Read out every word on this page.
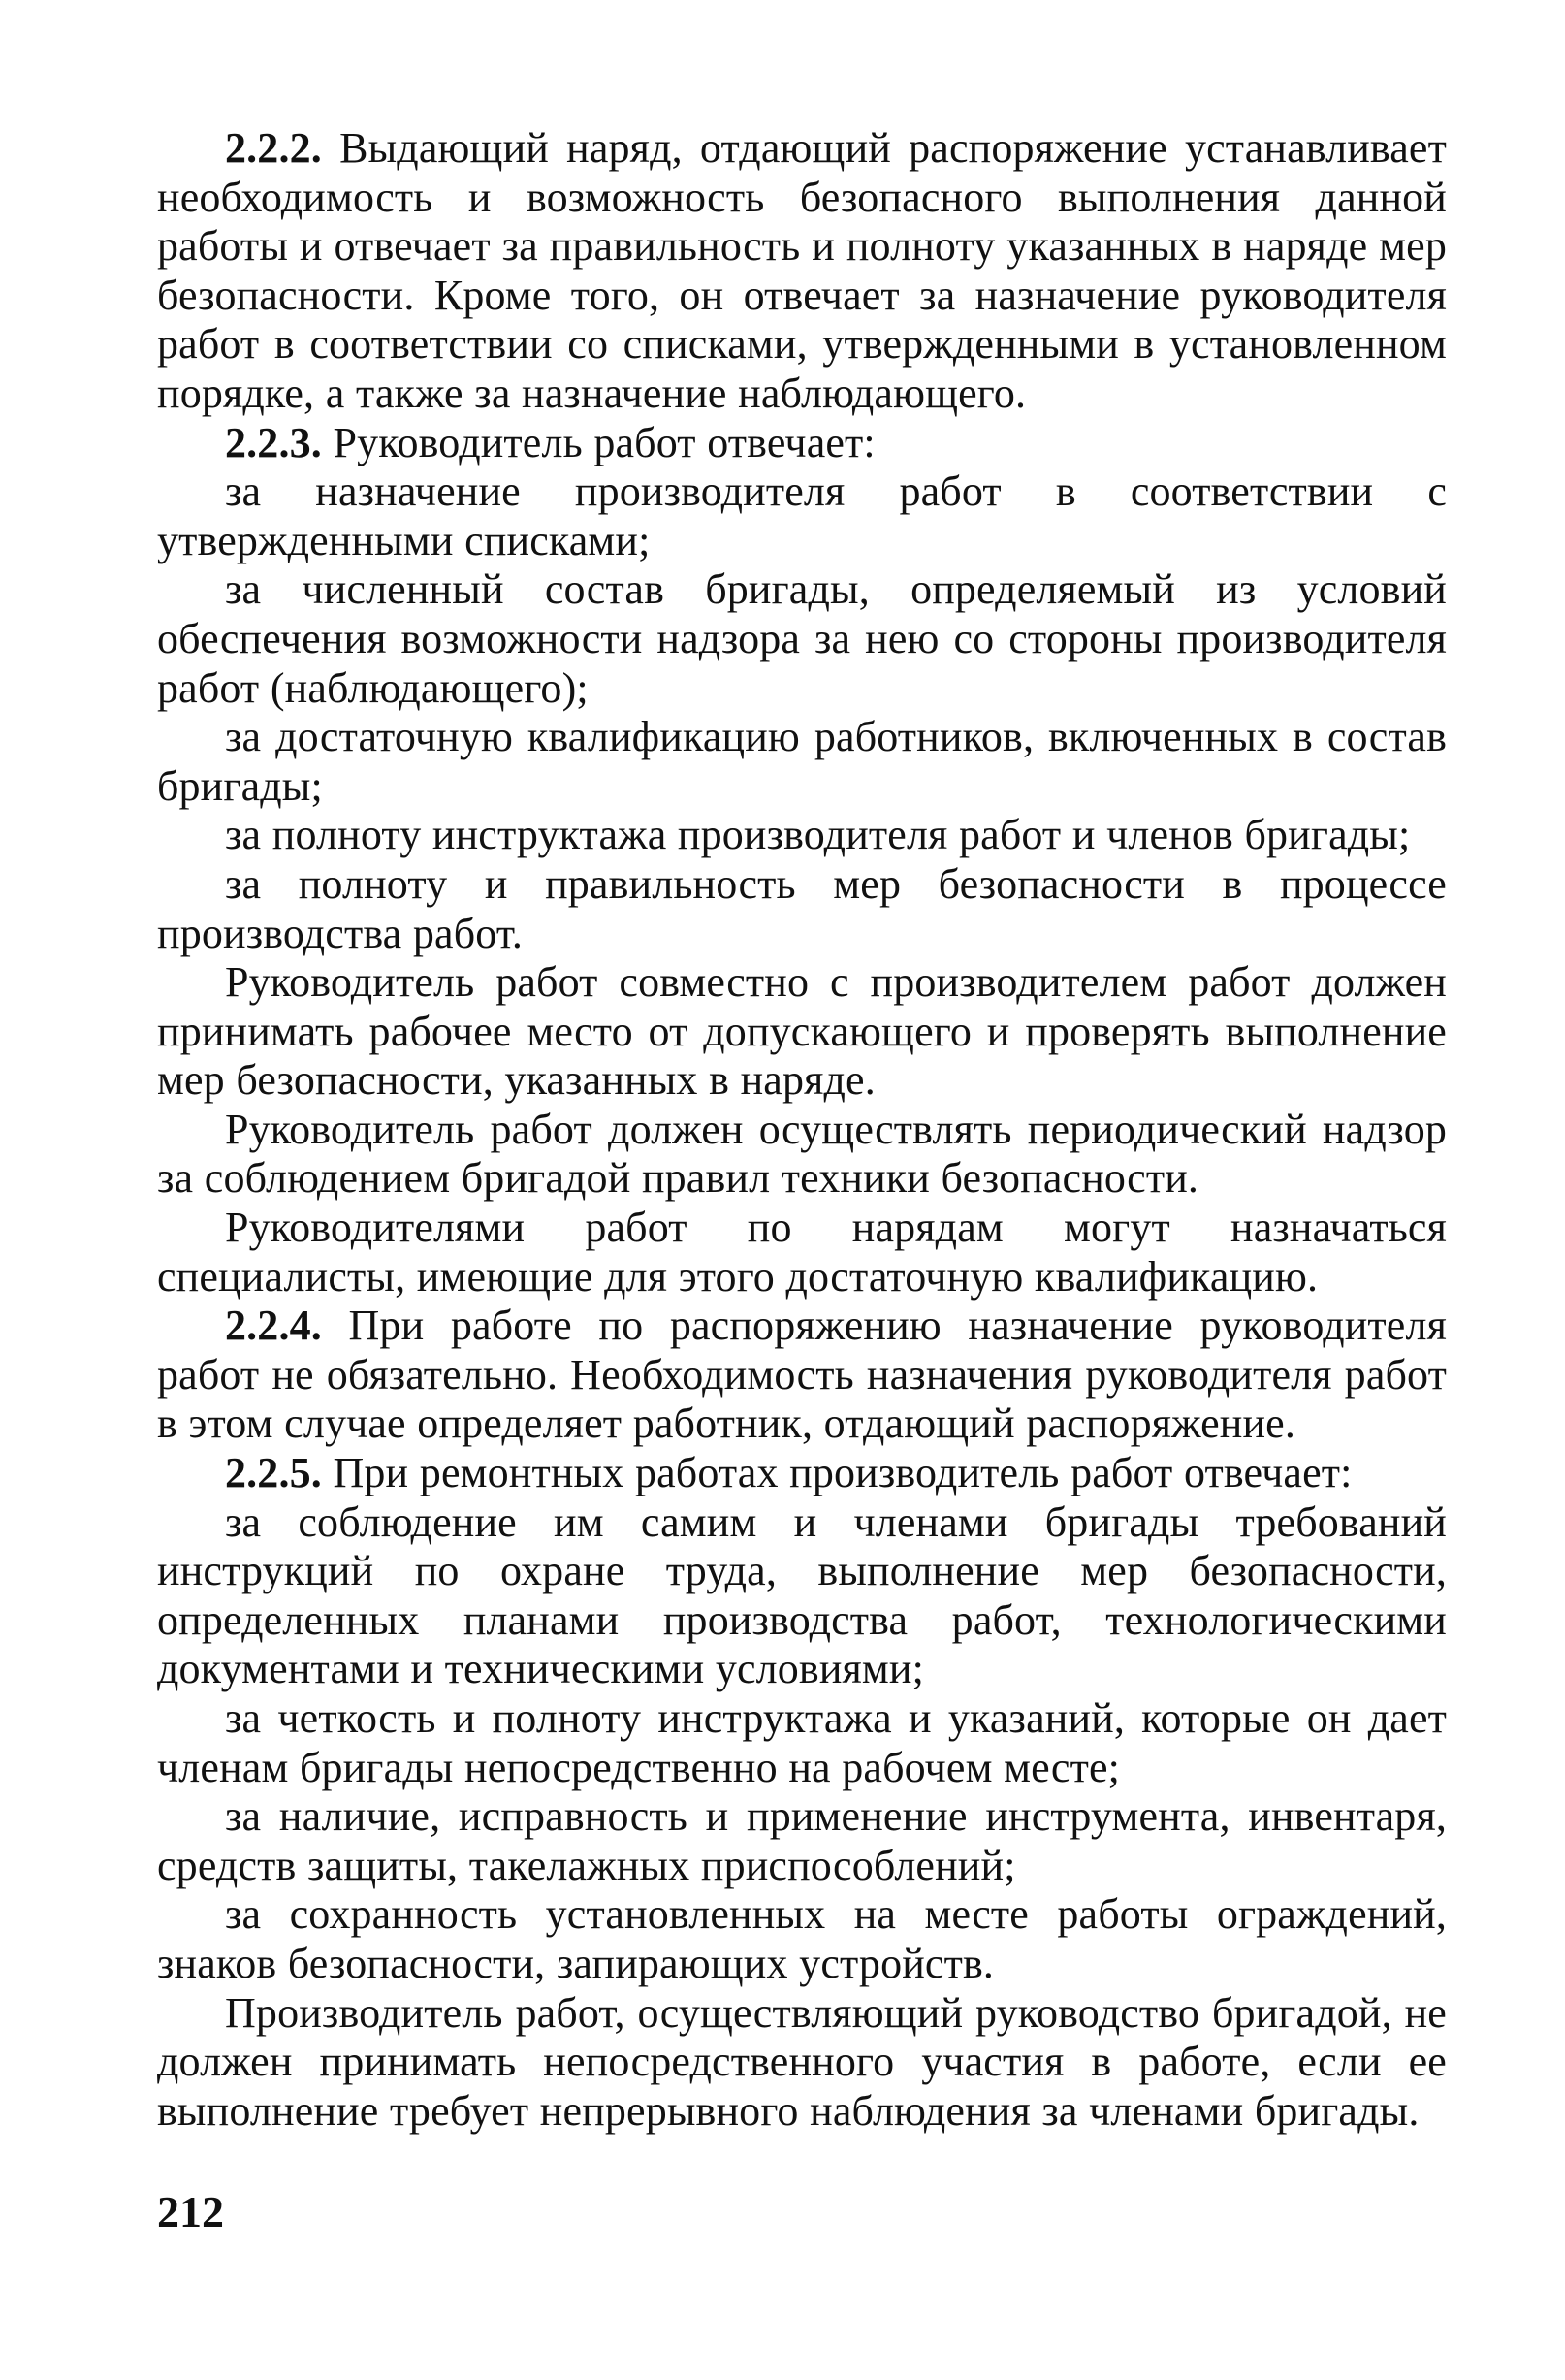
2.2.2. Выдающий наряд, отдающий распоряжение устанавливает необходимость и возможность безопасного выполнения данной работы и отвечает за правильность и полноту указанных в наряде мер безопасности. Кроме того, он отвечает за назначение руководителя работ в соответствии со списками, утвержденными в установленном порядке, а также за назначение наблюдающего.

2.2.3. Руководитель работ отвечает:

за назначение производителя работ в соответствии с утвержденными списками;

за численный состав бригады, определяемый из условий обеспечения возможности надзора за нею со стороны производителя работ (наблюдающего);

за достаточную квалификацию работников, включенных в состав бригады;

за полноту инструктажа производителя работ и членов бригады;

за полноту и правильность мер безопасности в процессе производства работ.

Руководитель работ совместно с производителем работ должен принимать рабочее место от допускающего и проверять выполнение мер безопасности, указанных в наряде.

Руководитель работ должен осуществлять периодический надзор за соблюдением бригадой правил техники безопасности.

Руководителями работ по нарядам могут назначаться специалисты, имеющие для этого достаточную квалификацию.

2.2.4. При работе по распоряжению назначение руководителя работ не обязательно. Необходимость назначения руководителя работ в этом случае определяет работник, отдающий распоряжение.

2.2.5. При ремонтных работах производитель работ отвечает:

за соблюдение им самим и членами бригады требований инструкций по охране труда, выполнение мер безопасности, определенных планами производства работ, технологическими документами и техническими условиями;

за четкость и полноту инструктажа и указаний, которые он дает членам бригады непосредственно на рабочем месте;

за наличие, исправность и применение инструмента, инвентаря, средств защиты, такелажных приспособлений;

за сохранность установленных на месте работы ограждений, знаков безопасности, запирающих устройств.

Производитель работ, осуществляющий руководство бригадой, не должен принимать непосредственного участия в работе, если ее выполнение требует непрерывного наблюдения за членами бригады.

212
